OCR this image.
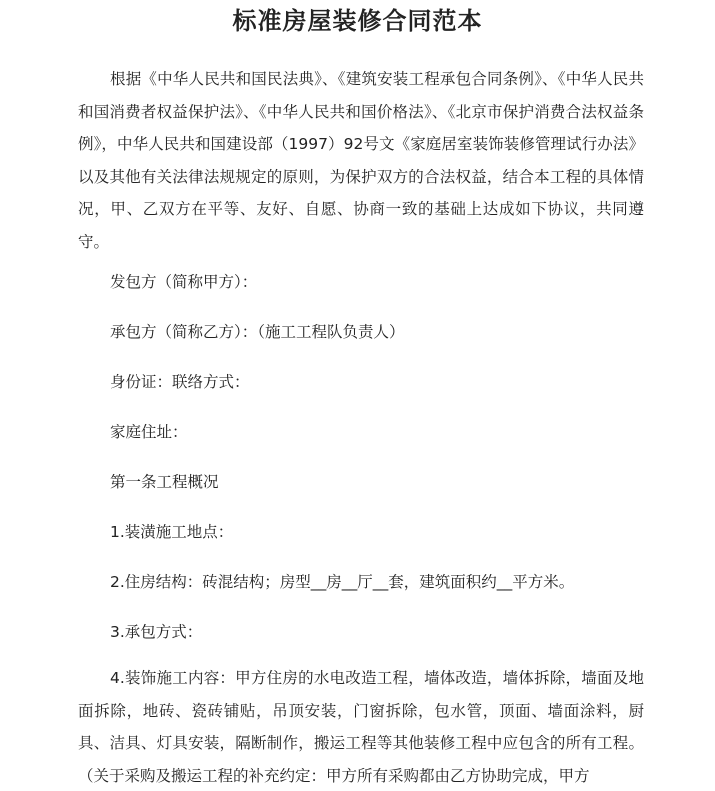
标准房屋装修合同范本

根据《中华人民共和国民法典》、《建筑安装工程承包合同条例》、《中华人民共和国消费者权益保护法》、《中华人民共和国价格法》、《北京市保护消费合法权益条例》，中华人民共和国建设部（1997）92号文《家庭居室装饰装修管理试行办法》以及其他有关法律法规规定的原则，为保护双方的合法权益，结合本工程的具体情况，甲、乙双方在平等、友好、自愿、协商一致的基础上达成如下协议，共同遵守。

发包方（简称甲方）：
承包方（简称乙方）：（施工工程队负责人）
身份证：联络方式：
家庭住址：
第一条工程概况
1.装潢施工地点：
2.住房结构：砖混结构；房型__房__厅__套，建筑面积约__平方米。
3.承包方式：

4.装饰施工内容：甲方住房的水电改造工程，墙体改造，墙体拆除，墙面及地面拆除，地砖、瓷砖铺贴，吊顶安装，门窗拆除，包水管，顶面、墙面涂料，厨具、洁具、灯具安装，隔断制作，搬运工程等其他装修工程中应包含的所有工程。（关于采购及搬运工程的补充约定：甲方所有采购都由乙方协助完成，甲方
